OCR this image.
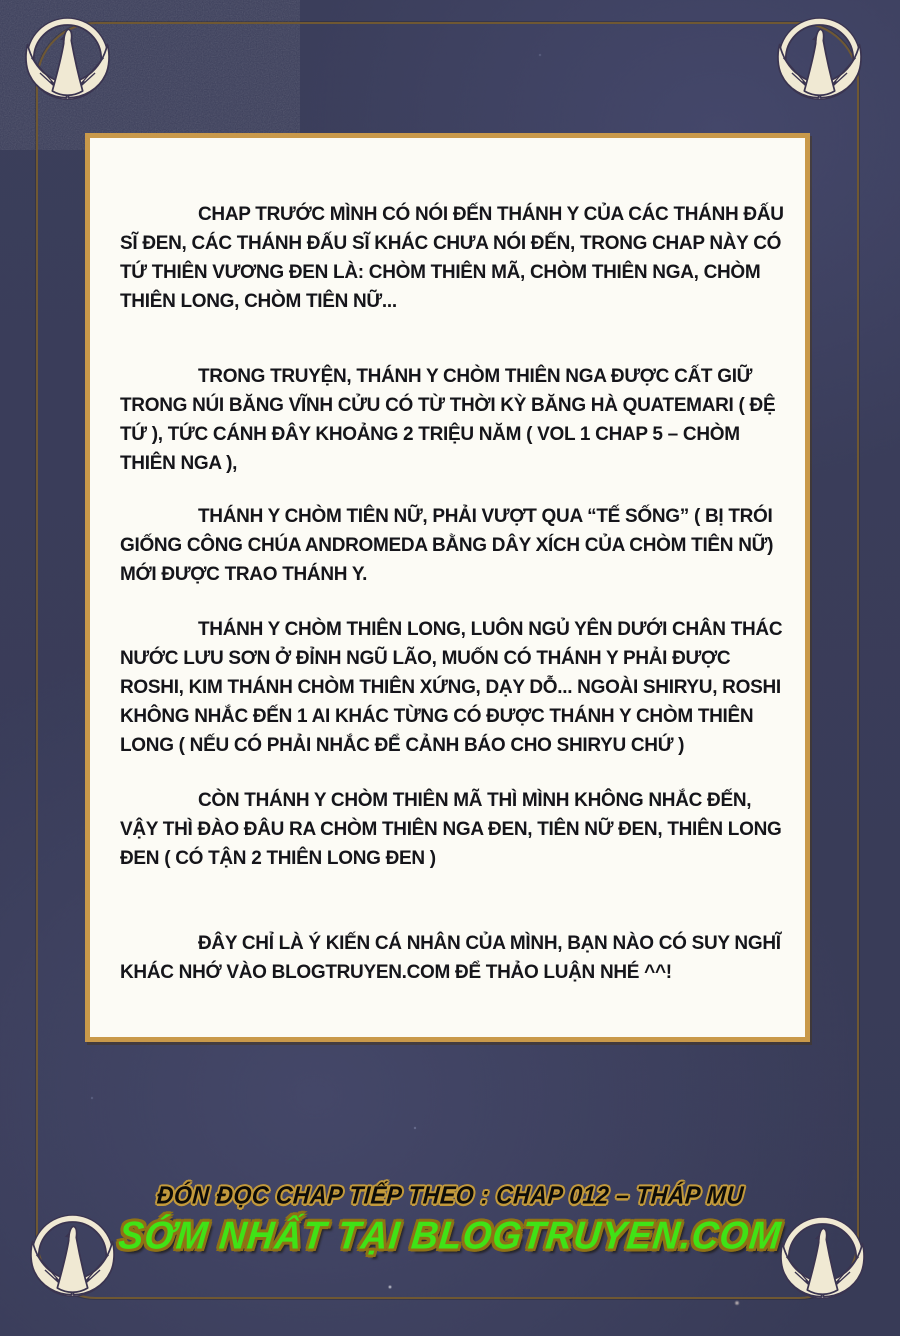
CHAP TRƯỚC MÌNH CÓ NÓI ĐẾN THÁNH Y CỦA CÁC THÁNH ĐẤU SĨ ĐEN, CÁC THÁNH ĐẤU SĨ KHÁC CHƯA NÓI ĐẾN, TRONG CHAP NÀY CÓ TỨ THIÊN VƯƠNG ĐEN LÀ: CHÒM THIÊN MÃ, CHÒM THIÊN NGA, CHÒM THIÊN LONG, CHÒM TIÊN NỮ...

TRONG TRUYỆN, THÁNH Y CHÒM THIÊN NGA ĐƯỢC CẤT GIỮ TRONG NÚI BĂNG VĨNH CỬU CÓ TỪ THỜI KỲ BĂNG HÀ QUATEMARI ( ĐỆ TỨ ), TỨC CÁNH ĐÂY KHOẢNG 2 TRIỆU NĂM ( VOL 1 CHAP 5 – CHÒM THIÊN NGA ),

THÁNH Y CHÒM TIÊN NỮ, PHẢI VƯỢT QUA “TẾ SỐNG” ( BỊ TRÓI GIỐNG CÔNG CHÚA ANDROMEDA BẰNG DÂY XÍCH CỦA CHÒM TIÊN NỮ) MỚI ĐƯỢC TRAO THÁNH Y.

THÁNH Y CHÒM THIÊN LONG, LUÔN NGỦ YÊN DƯỚI CHÂN THÁC NƯỚC LƯU SƠN Ở ĐỈNH NGŨ LÃO, MUỐN CÓ THÁNH Y PHẢI ĐƯỢC ROSHI, KIM THÁNH CHÒM THIÊN XỨNG, DẠY DỖ... NGOÀI SHIRYU, ROSHI KHÔNG NHẮC ĐẾN 1 AI KHÁC TỪNG CÓ ĐƯỢC THÁNH Y CHÒM THIÊN LONG ( NẾU CÓ PHẢI NHẮC ĐỂ CẢNH BÁO CHO SHIRYU CHỨ )

CÒN THÁNH Y CHÒM THIÊN MÃ THÌ MÌNH KHÔNG NHẮC ĐẾN, VẬY THÌ ĐÀO ĐÂU RA CHÒM THIÊN NGA ĐEN, TIÊN NỮ ĐEN, THIÊN LONG ĐEN ( CÓ TẬN 2 THIÊN LONG ĐEN )

ĐÂY CHỈ LÀ Ý KIẾN CÁ NHÂN CỦA MÌNH, BẠN NÀO CÓ SUY NGHĨ KHÁC NHỚ VÀO BLOGTRUYEN.COM ĐỂ THẢO LUẬN NHÉ ^^!

ĐÓN ĐỌC CHAP TIẾP THEO : CHAP 012 – THÁP MU
SỚM NHẤT TẠI BLOGTRUYEN.COM
